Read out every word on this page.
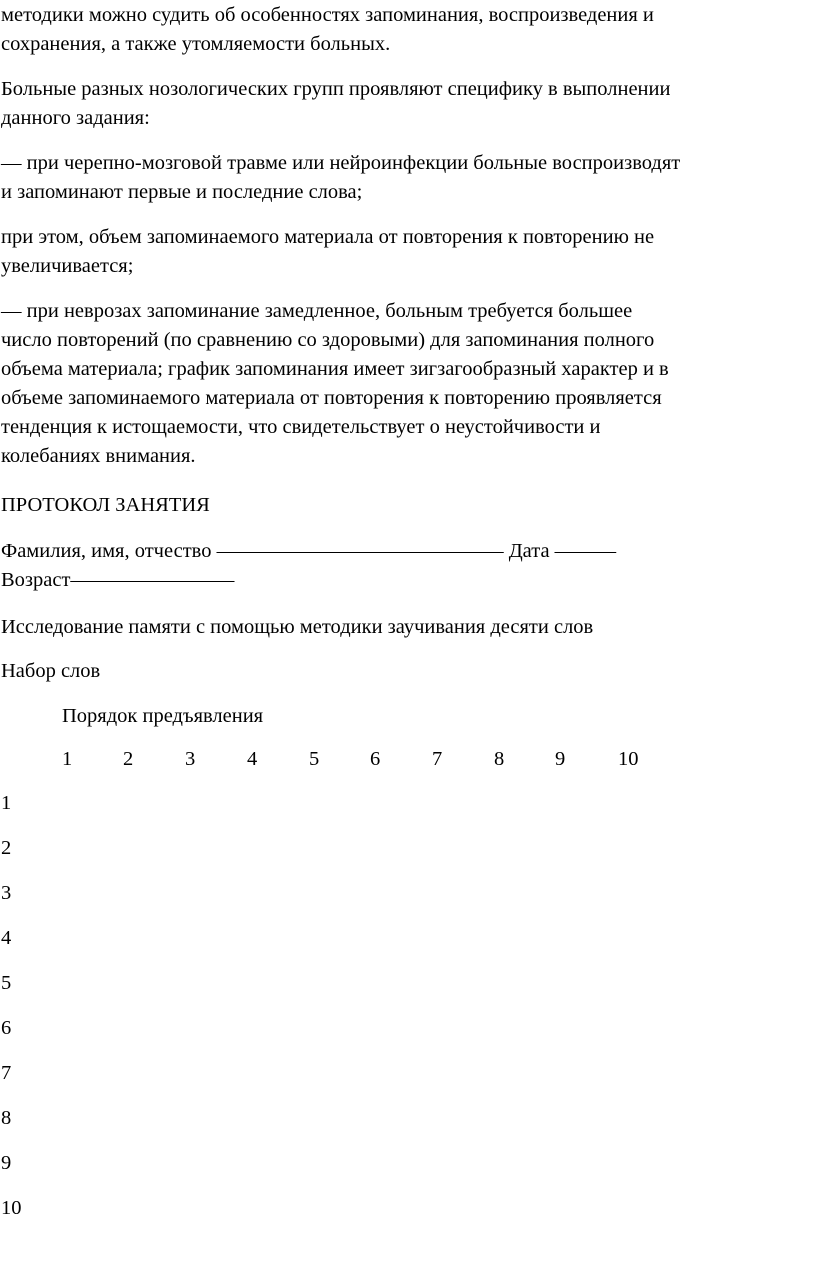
методики можно судить об особенностях запоминания, воспроизведения и
сохранения, а также утомляемости больных.

Больные разных нозологических групп проявляют специфику в выполнении
данного задания:

— при черепно-мозговой травме или нейроинфекции больные воспроизводят
и запоминают первые и последние слова;

при этом, объем запоминаемого материала от повторения к повторению не
увеличивается;

— при неврозах запоминание замедленное, больным требуется большее
число повторений (по сравнению со здоровыми) для запоминания полного
объема материала; график запоминания имеет зигзагообразный характер и в
объеме запоминаемого материала от повторения к повторению проявляется
тенденция к истощаемости, что свидетельствует о неустойчивости и
колебаниях внимания.

ПРОТОКОЛ ЗАНЯТИЯ

Фамилия, имя, отчество —————————————— Дата ———
Возраст————————

Исследование памяти с помощью методики заучивания десяти слов

Набор слов

Порядок предъявления

1 2	3	4	5 6	7	8 9	10
1
2
3
4
5
6
7
8
9
10
